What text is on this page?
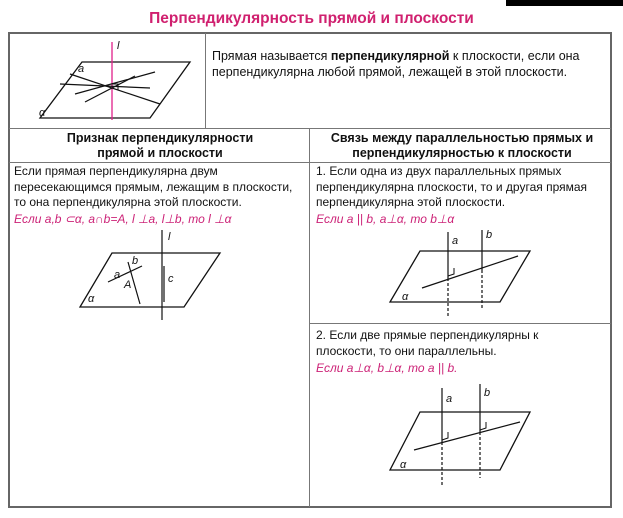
Перпендикулярность прямой и плоскости
Прямая называется перпендикулярной к плоскости, если она перпендикулярна любой прямой, лежащей в этой плоскости.
l
a
α
Признак перпендикулярности прямой и плоскости
Если прямая перпендикулярна двум пересекающимся прямым, лежащим в плоскости, то она перпендикулярна этой плоскости.
Если a,b ⊂α, a∩b=A, l ⊥a, l⊥b, то l ⊥α
l
a
b
c
A
α
Связь между параллельностью прямых и перпендикулярностью к плоскости
1. Если одна из двух параллельных прямых перпендикулярна плоскости, то и другая прямая перпендикулярна этой плоскости.
Если a || b, a⊥α, то b⊥α
a	b
α
2. Если две прямые перпендикулярны к плоскости, то они параллельны.
Если a⊥α, b⊥α, то a || b.
a	b
α
